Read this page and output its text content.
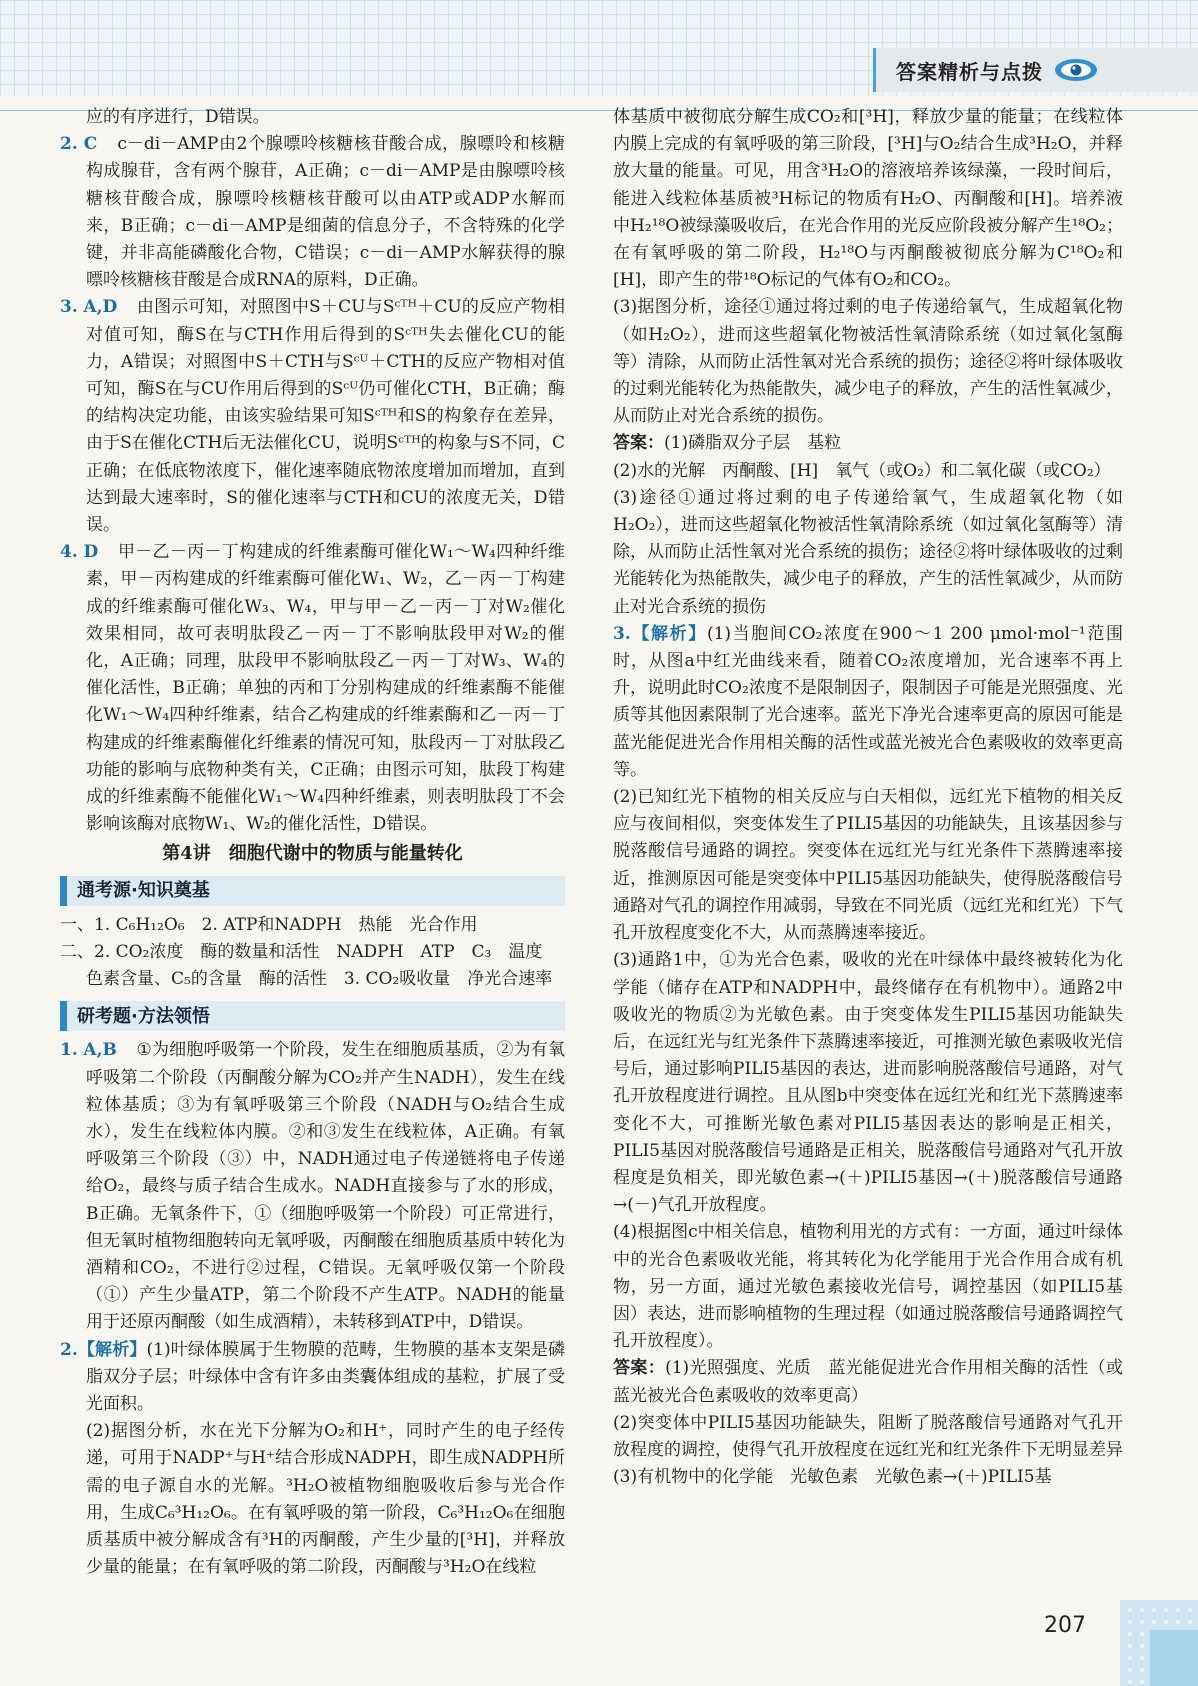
答案精析与点拨

应的有序进行，D错误。

2. C c－di－AMP由2个腺嘌呤核糖核苷酸合成，腺嘌呤和核糖构成腺苷，含有两个腺苷，A正确；c－di－AMP是由腺嘌呤核糖核苷酸合成，腺嘌呤核糖核苷酸可以由ATP或ADP水解而来，B正确；c－di－AMP是细菌的信息分子，不含特殊的化学键，并非高能磷酸化合物，C错误；c－di－AMP水解获得的腺嘌呤核糖核苷酸是合成RNA的原料，D正确。

3. A,D 由图示可知，对照图中S＋CU与Sᶜᵀᴴ＋CU的反应产物相对值可知，酶S在与CTH作用后得到的Sᶜᵀᴴ失去催化CU的能力，A错误；对照图中S＋CTH与Sᶜᵁ＋CTH的反应产物相对值可知，酶S在与CU作用后得到的Sᶜᵁ仍可催化CTH，B正确；酶的结构决定功能，由该实验结果可知Sᶜᵀᴴ和S的构象存在差异，由于S在催化CTH后无法催化CU，说明Sᶜᵀᴴ的构象与S不同，C正确；在低底物浓度下，催化速率随底物浓度增加而增加，直到达到最大速率时，S的催化速率与CTH和CU的浓度无关，D错误。

4. D 甲－乙－丙－丁构建成的纤维素酶可催化W₁～W₄四种纤维素，甲－丙构建成的纤维素酶可催化W₁、W₂，乙－丙－丁构建成的纤维素酶可催化W₃、W₄，甲与甲－乙－丙－丁对W₂催化效果相同，故可表明肽段乙－丙－丁不影响肽段甲对W₂的催化，A正确；同理，肽段甲不影响肽段乙－丙－丁对W₃、W₄的催化活性，B正确；单独的丙和丁分别构建成的纤维素酶不能催化W₁～W₄四种纤维素，结合乙构建成的纤维素酶和乙－丙－丁构建成的纤维素酶催化纤维素的情况可知，肽段丙－丁对肽段乙功能的影响与底物种类有关，C正确；由图示可知，肽段丁构建成的纤维素酶不能催化W₁～W₄四种纤维素，则表明肽段丁不会影响该酶对底物W₁、W₂的催化活性，D错误。

第4讲　细胞代谢中的物质与能量转化
通考源·知识奠基

一、1. C₆H₁₂O₆　2. ATP和NADPH　热能　光合作用

二、2. CO₂浓度　酶的数量和活性　NADPH　ATP　C₃　温度

色素含量、C₅的含量　酶的活性　3. CO₂吸收量　净光合速率

研考题·方法领悟

1. A,B ①为细胞呼吸第一个阶段，发生在细胞质基质，②为有氧呼吸第二个阶段（丙酮酸分解为CO₂并产生NADH），发生在线粒体基质；③为有氧呼吸第三个阶段（NADH与O₂结合生成水），发生在线粒体内膜。②和③发生在线粒体，A正确。有氧呼吸第三个阶段（③）中，NADH通过电子传递链将电子传递给O₂，最终与质子结合生成水。NADH直接参与了水的形成，B正确。无氧条件下，①（细胞呼吸第一个阶段）可正常进行，但无氧时植物细胞转向无氧呼吸，丙酮酸在细胞质基质中转化为酒精和CO₂，不进行②过程，C错误。无氧呼吸仅第一个阶段（①）产生少量ATP，第二个阶段不产生ATP。NADH的能量用于还原丙酮酸（如生成酒精），未转移到ATP中，D错误。

2.【解析】(1)叶绿体膜属于生物膜的范畴，生物膜的基本支架是磷脂双分子层；叶绿体中含有许多由类囊体组成的基粒，扩展了受光面积。

(2)据图分析，水在光下分解为O₂和H⁺，同时产生的电子经传递，可用于NADP⁺与H⁺结合形成NADPH，即生成NADPH所需的电子源自水的光解。³H₂O被植物细胞吸收后参与光合作用，生成C₆³H₁₂O₆。在有氧呼吸的第一阶段，C₆³H₁₂O₆在细胞质基质中被分解成含有³H的丙酮酸，产生少量的[³H]，并释放少量的能量；在有氧呼吸的第二阶段，丙酮酸与³H₂O在线粒

体基质中被彻底分解生成CO₂和[³H]，释放少量的能量；在线粒体内膜上完成的有氧呼吸的第三阶段，[³H]与O₂结合生成³H₂O，并释放大量的能量。可见，用含³H₂O的溶液培养该绿藻，一段时间后，能进入线粒体基质被³H标记的物质有H₂O、丙酮酸和[H]。培养液中H₂¹⁸O被绿藻吸收后，在光合作用的光反应阶段被分解产生¹⁸O₂；在有氧呼吸的第二阶段，H₂¹⁸O与丙酮酸被彻底分解为C¹⁸O₂和[H]，即产生的带¹⁸O标记的气体有O₂和CO₂。

(3)据图分析，途径①通过将过剩的电子传递给氧气，生成超氧化物（如H₂O₂），进而这些超氧化物被活性氧清除系统（如过氧化氢酶等）清除，从而防止活性氧对光合系统的损伤；途径②将叶绿体吸收的过剩光能转化为热能散失，减少电子的释放，产生的活性氧减少，从而防止对光合系统的损伤。

答案：(1)磷脂双分子层　基粒

(2)水的光解　丙酮酸、[H]　氧气（或O₂）和二氧化碳（或CO₂）

(3)途径①通过将过剩的电子传递给氧气，生成超氧化物（如H₂O₂），进而这些超氧化物被活性氧清除系统（如过氧化氢酶等）清除，从而防止活性氧对光合系统的损伤；途径②将叶绿体吸收的过剩光能转化为热能散失，减少电子的释放，产生的活性氧减少，从而防止对光合系统的损伤

3.【解析】(1)当胞间CO₂浓度在900～1 200 μmol·mol⁻¹范围时，从图a中红光曲线来看，随着CO₂浓度增加，光合速率不再上升，说明此时CO₂浓度不是限制因子，限制因子可能是光照强度、光质等其他因素限制了光合速率。蓝光下净光合速率更高的原因可能是蓝光能促进光合作用相关酶的活性或蓝光被光合色素吸收的效率更高等。

(2)已知红光下植物的相关反应与白天相似，远红光下植物的相关反应与夜间相似，突变体发生了PILI5基因的功能缺失，且该基因参与脱落酸信号通路的调控。突变体在远红光与红光条件下蒸腾速率接近，推测原因可能是突变体中PILI5基因功能缺失，使得脱落酸信号通路对气孔的调控作用减弱，导致在不同光质（远红光和红光）下气孔开放程度变化不大，从而蒸腾速率接近。

(3)通路1中，①为光合色素，吸收的光在叶绿体中最终被转化为化学能（储存在ATP和NADPH中，最终储存在有机物中）。通路2中吸收光的物质②为光敏色素。由于突变体发生PILI5基因功能缺失后，在远红光与红光条件下蒸腾速率接近，可推测光敏色素吸收光信号后，通过影响PILI5基因的表达，进而影响脱落酸信号通路，对气孔开放程度进行调控。且从图b中突变体在远红光和红光下蒸腾速率变化不大，可推断光敏色素对PILI5基因表达的影响是正相关，PILI5基因对脱落酸信号通路是正相关，脱落酸信号通路对气孔开放程度是负相关，即光敏色素→(＋)PILI5基因→(＋)脱落酸信号通路→(－)气孔开放程度。

(4)根据图c中相关信息，植物利用光的方式有：一方面，通过叶绿体中的光合色素吸收光能，将其转化为化学能用于光合作用合成有机物，另一方面，通过光敏色素接收光信号，调控基因（如PILI5基因）表达，进而影响植物的生理过程（如通过脱落酸信号通路调控气孔开放程度）。

答案：(1)光照强度、光质　蓝光能促进光合作用相关酶的活性（或蓝光被光合色素吸收的效率更高）

(2)突变体中PILI5基因功能缺失，阻断了脱落酸信号通路对气孔开放程度的调控，使得气孔开放程度在远红光和红光条件下无明显差异

(3)有机物中的化学能　光敏色素　光敏色素→(＋)PILI5基

207
